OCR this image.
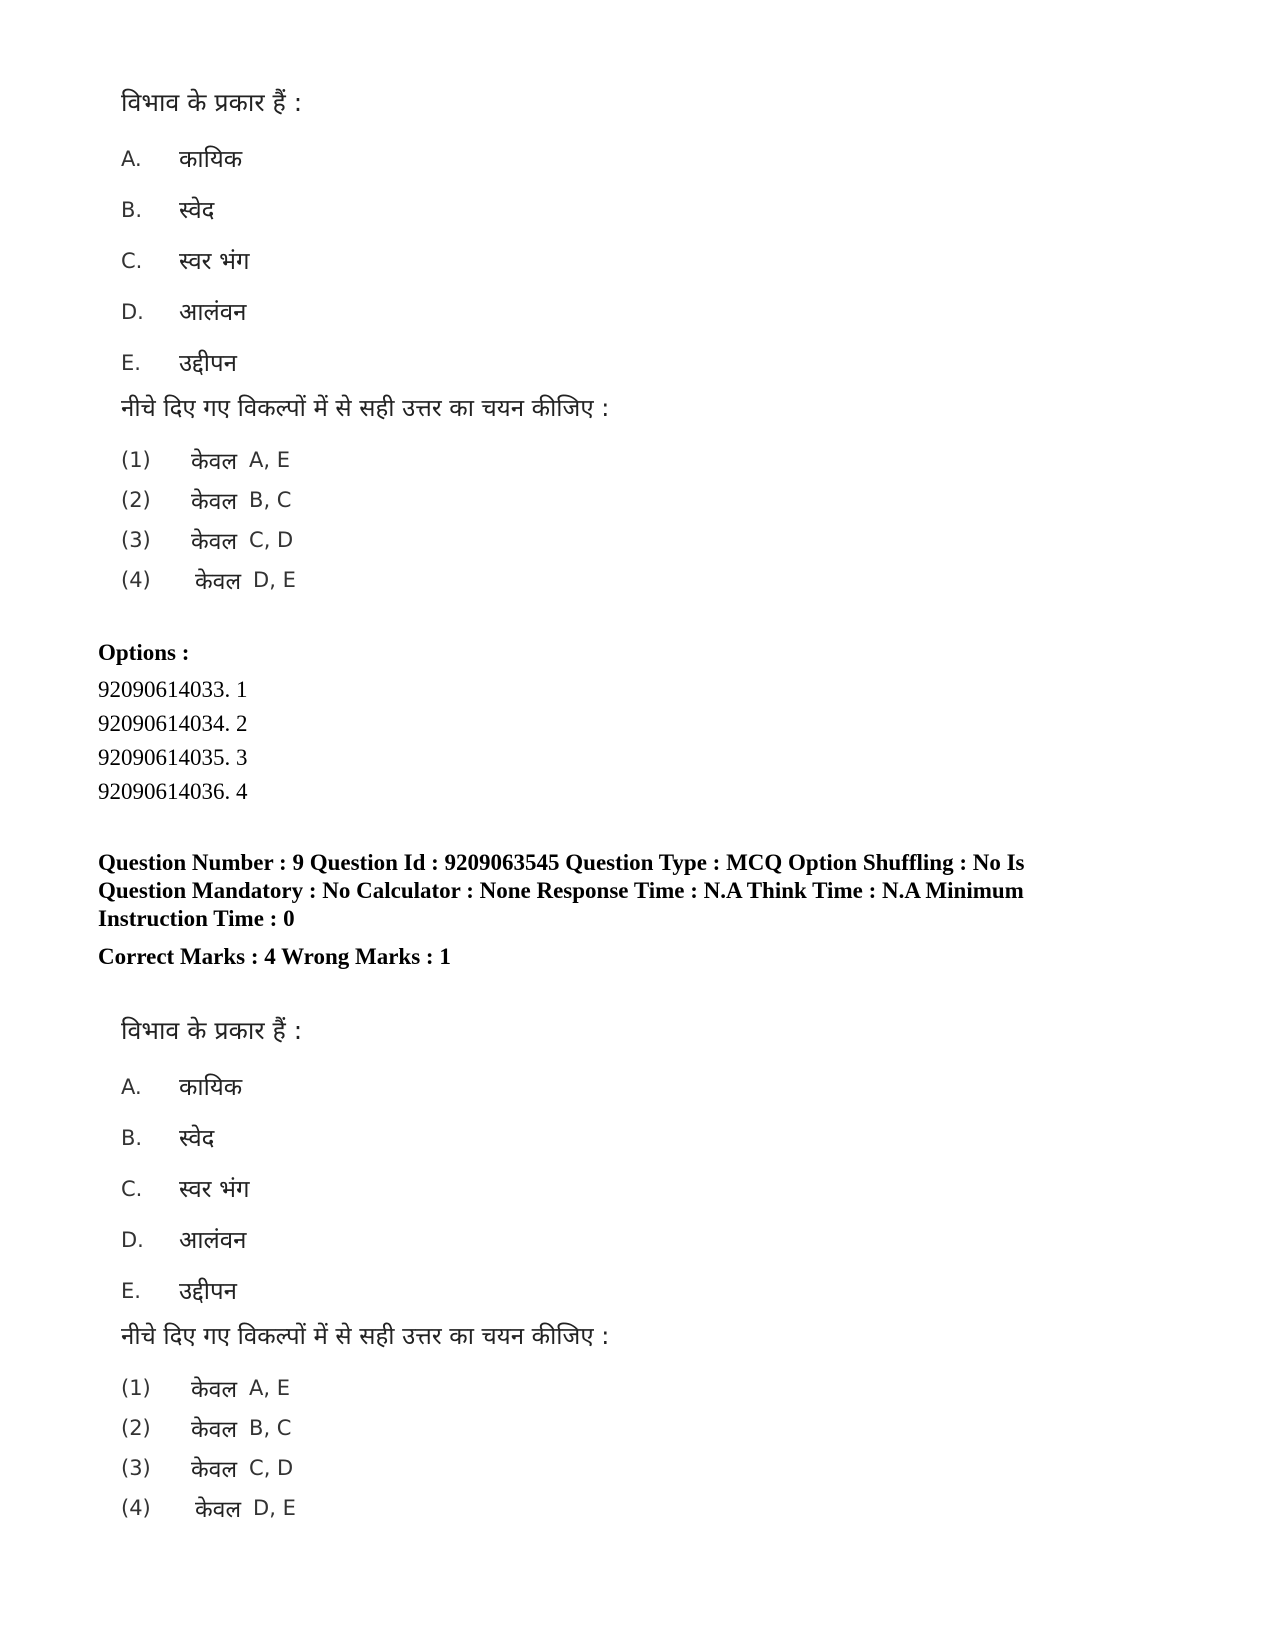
विभाव के प्रकार हैं :
A.	कायिक
B.	स्वेद
C.	स्वर भंग
D.	आलंवन
E.	उद्दीपन
नीचे दिए गए विकल्पों में से सही उत्तर का चयन कीजिए :
(1)	केवल A, E
(2)	केवल B, C
(3)	केवल C, D
(4)	केवल D, E
Options :
92090614033. 1
92090614034. 2
92090614035. 3
92090614036. 4
Question Number : 9 Question Id : 9209063545 Question Type : MCQ Option Shuffling : No Is Question Mandatory : No Calculator : None Response Time : N.A Think Time : N.A Minimum Instruction Time : 0
Correct Marks : 4 Wrong Marks : 1
विभाव के प्रकार हैं :
A.	कायिक
B.	स्वेद
C.	स्वर भंग
D.	आलंवन
E.	उद्दीपन
नीचे दिए गए विकल्पों में से सही उत्तर का चयन कीजिए :
(1)	केवल A, E
(2)	केवल B, C
(3)	केवल C, D
(4)	केवल D, E
